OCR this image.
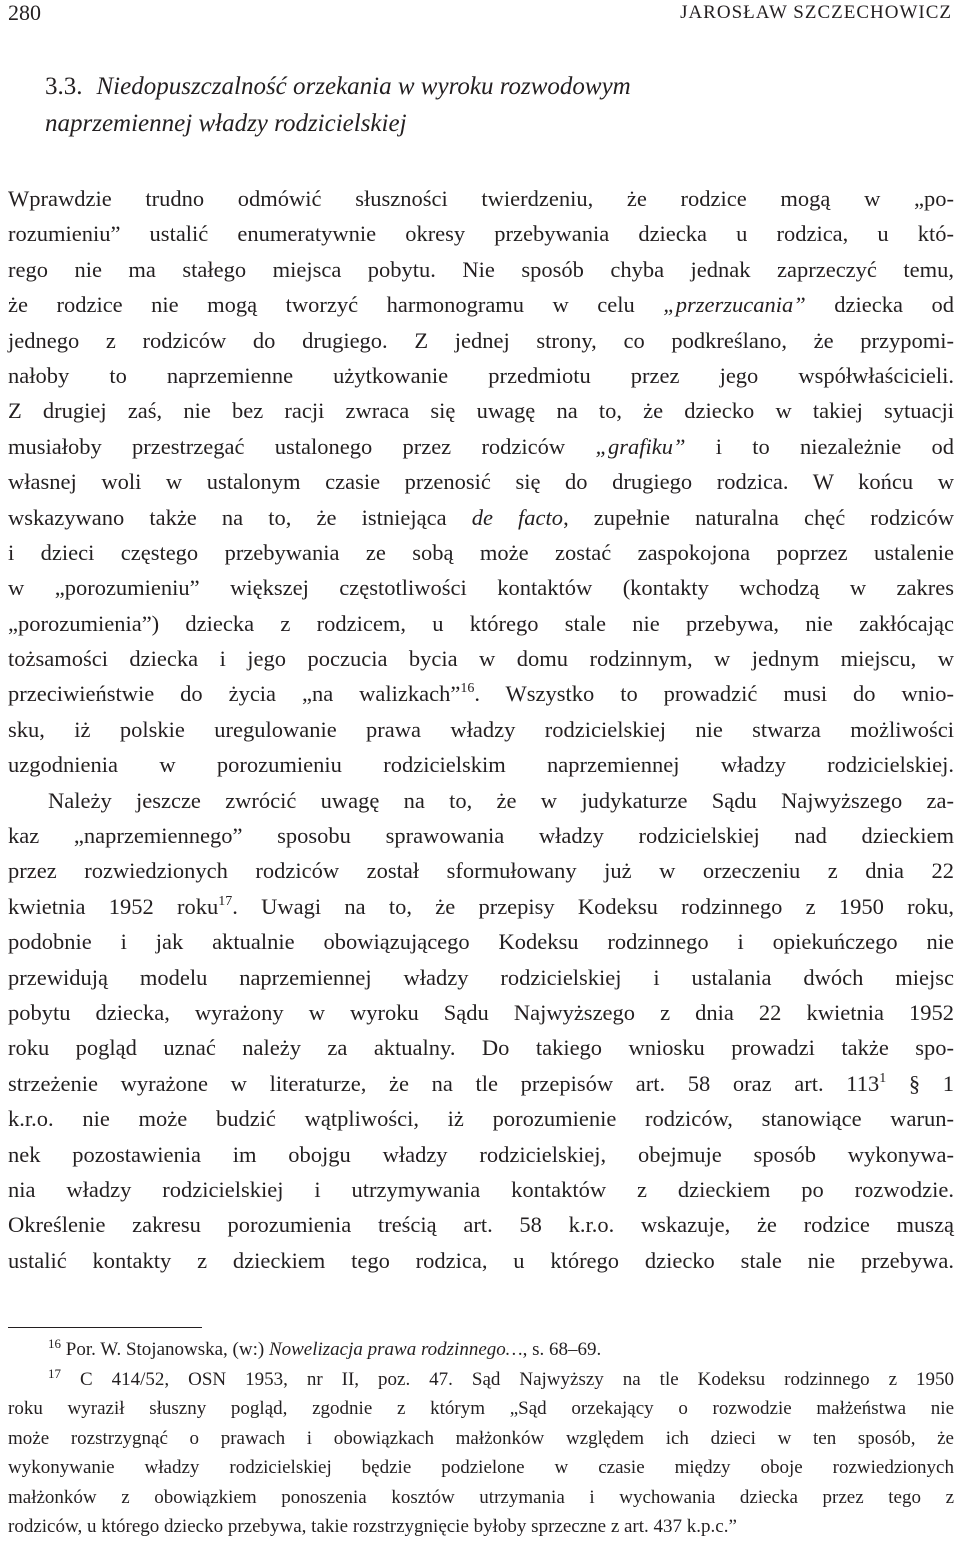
280	JAROSŁAW SZCZECHOWICZ
3.3. Niedopuszczalność orzekania w wyroku rozwodowym
naprzemiennej władzy rodzicielskiej
Wprawdzie trudno odmówić słuszności twierdzeniu, że rodzice mogą w „po-
rozumieniu” ustalić enumeratywnie okresy przebywania dziecka u rodzica, u któ-
rego nie ma stałego miejsca pobytu. Nie sposób chyba jednak zaprzeczyć temu,
że rodzice nie mogą tworzyć harmonogramu w celu „przerzucania” dziecka od
jednego z rodziców do drugiego. Z jednej strony, co podkreślano, że przypomi-
nałoby to naprzemienne użytkowanie przedmiotu przez jego współwłaścicieli.
Z drugiej zaś, nie bez racji zwraca się uwagę na to, że dziecko w takiej sytuacji
musiałoby przestrzegać ustalonego przez rodziców „grafiku” i to niezależnie od
własnej woli w ustalonym czasie przenosić się do drugiego rodzica. W końcu w
wskazywano także na to, że istniejąca de facto, zupełnie naturalna chęć rodziców
i dzieci częstego przebywania ze sobą może zostać zaspokojona poprzez ustalenie
w „porozumieniu” większej częstotliwości kontaktów (kontakty wchodzą w zakres
„porozumienia”) dziecka z rodzicem, u którego stale nie przebywa, nie zakłócając
tożsamości dziecka i jego poczucia bycia w domu rodzinnym, w jednym miejscu, w
przeciwieństwie do życia „na walizkach”$^{16}$. Wszystko to prowadzić musi do wnio-
sku, iż polskie uregulowanie prawa władzy rodzicielskiej nie stwarza możliwości
uzgodnienia w porozumieniu rodzicielskim naprzemiennej władzy rodzicielskiej.
Należy jeszcze zwrócić uwagę na to, że w judykaturze Sądu Najwyższego za-
kaz „naprzemiennego” sposobu sprawowania władzy rodzicielskiej nad dzieckiem
przez rozwiedzionych rodziców został sformułowany już w orzeczeniu z dnia 22
kwietnia 1952 roku$^{17}$. Uwagi na to, że przepisy Kodeksu rodzinnego z 1950 roku,
podobnie i jak aktualnie obowiązującego Kodeksu rodzinnego i opiekuńczego nie
przewidują modelu naprzemiennej władzy rodzicielskiej i ustalania dwóch miejsc
pobytu dziecka, wyrażony w wyroku Sądu Najwyższego z dnia 22 kwietnia 1952
roku pogląd uznać należy za aktualny. Do takiego wniosku prowadzi także spo-
strzeżenie wyrażone w literaturze, że na tle przepisów art. 58 oraz art. $113^1$ § 1
k.r.o. nie może budzić wątpliwości, iż porozumienie rodziców, stanowiące warun-
nek pozostawienia im obojgu władzy rodzicielskiej, obejmuje sposób wykonywa-
nia władzy rodzicielskiej i utrzymywania kontaktów z dzieckiem po rozwodzie.
Określenie zakresu porozumienia treścią art. 58 k.r.o. wskazuje, że rodzice muszą
ustalić kontakty z dzieckiem tego rodzica, u którego dziecko stale nie przebywa.
$^{16}$ Por. W. Stojanowska, (w:) Nowelizacja prawa rodzinnego…, s. 68–69.
$^{17}$ C 414/52, OSN 1953, nr II, poz. 47. Sąd Najwyższy na tle Kodeksu rodzinnego z 1950
roku wyraził słuszny pogląd, zgodnie z którym „Sąd orzekający o rozwodzie małżeństwa nie
może rozstrzygnąć o prawach i obowiązkach małżonków względem ich dzieci w ten sposób, że
wykonywanie władzy rodzicielskiej będzie podzielone w czasie między oboje rozwiedzionych
małżonków z obowiązkiem ponoszenia kosztów utrzymania i wychowania dziecka przez tego z
rodziców, u którego dziecko przebywa, takie rozstrzygnięcie byłoby sprzeczne z art. 437 k.p.c.”
